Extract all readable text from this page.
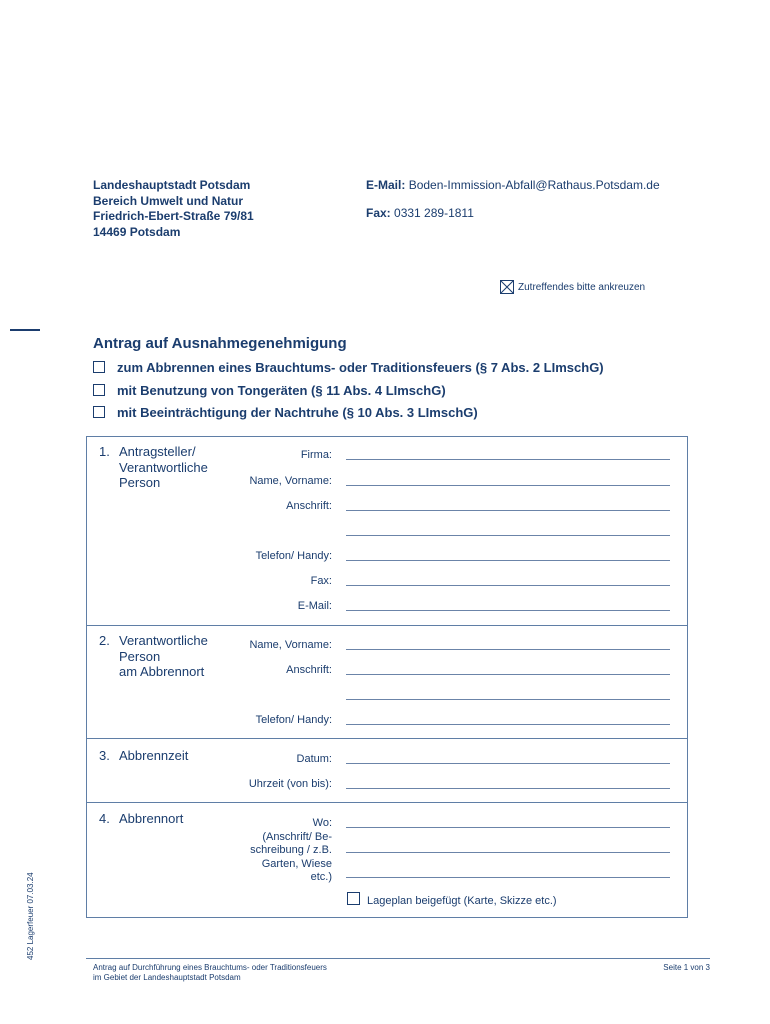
Landeshauptstadt Potsdam
Bereich Umwelt und Natur
Friedrich-Ebert-Straße 79/81
14469 Potsdam
E-Mail: Boden-Immission-Abfall@Rathaus.Potsdam.de
Fax: 0331 289-1811
Zutreffendes bitte ankreuzen
Antrag auf Ausnahmegenehmigung
zum Abbrennen eines Brauchtums- oder Traditionsfeuers (§ 7 Abs. 2 LImschG)
mit Benutzung von Tongeräten (§ 11 Abs. 4 LImschG)
mit Beeinträchtigung der Nachtruhe (§ 10 Abs. 3 LImschG)
1. Antragsteller/
Verantwortliche
Person
Firma:
Name, Vorname:
Anschrift:
Telefon/ Handy:
Fax:
E-Mail:
2. Verantwortliche
Person
am Abbrennort
Name, Vorname:
Anschrift:
Telefon/ Handy:
3. Abbrennzeit	Datum:
Uhrzeit (von bis):
4. Abbrennort	Wo:
(Anschrift/ Be-
schreibung / z.B.
Garten, Wiese
etc.)
Lageplan beigefügt (Karte, Skizze etc.)
452 Lagerfeuer 07.03.24
Antrag auf Durchführung eines Brauchtums- oder Traditionsfeuers
im Gebiet der Landeshauptstadt Potsdam
Seite 1 von 3
